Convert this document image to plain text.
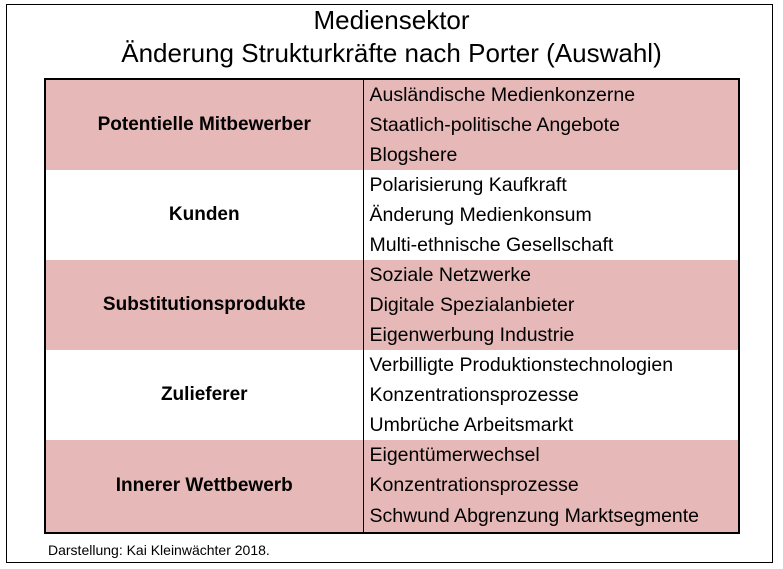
Mediensektor
Änderung Strukturkräfte nach Porter (Auswahl)
Potentielle Mitbewerber	Ausländische Medienkonzerne
Staatlich-politische Angebote
Blogshere

Kunden	Polarisierung Kaufkraft
Änderung Medienkonsum
Multi-ethnische Gesellschaft

Substitutionsprodukte	Soziale Netzwerke
Digitale Spezialanbieter
Eigenwerbung Industrie

Zulieferer	Verbilligte Produktionstechnologien
Konzentrationsprozesse
Umbrüche Arbeitsmarkt

Innerer Wettbewerb	Eigentümerwechsel
Konzentrationsprozesse
Schwund Abgrenzung Marktsegmente
Darstellung: Kai Kleinwächter 2018.
